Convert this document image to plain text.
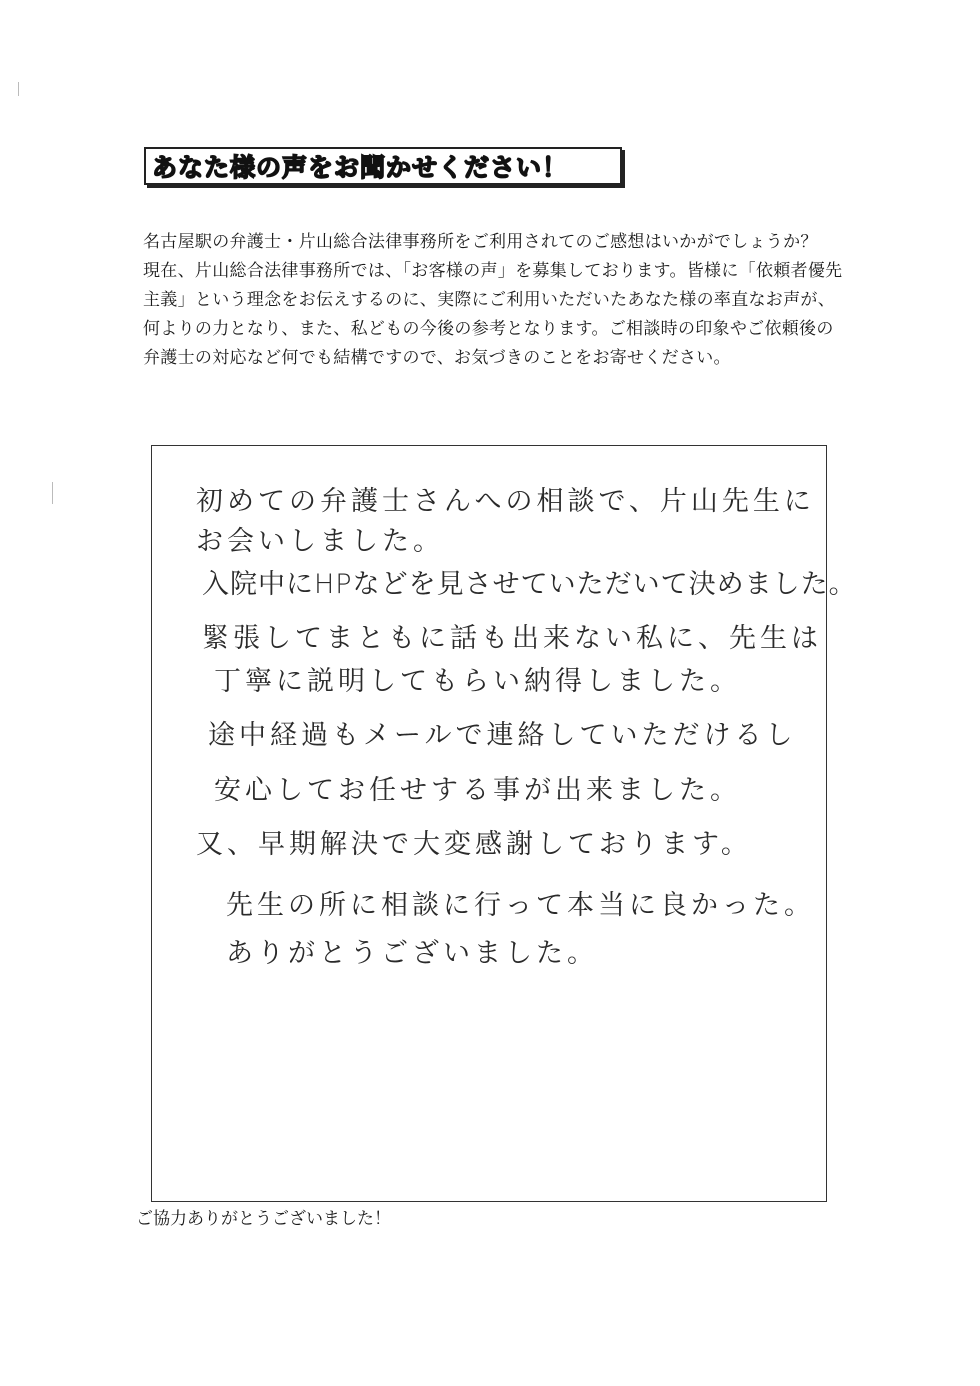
あなた様の声をお聞かせください！

名古屋駅の弁護士・片山総合法律事務所をご利用されてのご感想はいかがでしょうか？

現在、片山総合法律事務所では、「お客様の声」を募集しております。皆様に「依頼者優先主義」という理念をお伝えするのに、実際にご利用いただいたあなた様の率直なお声が、何よりの力となり、また、私どもの今後の参考となります。ご相談時の印象やご依頼後の弁護士の対応など何でも結構ですので、お気づきのことをお寄せください。

初めての弁護士さんへの相談で、片山先生に
お会いしました。
入院中にHPなどを見させていただいて決めました。
緊張してまともに話も出来ない私に、先生は
丁寧に説明してもらい納得しました。
途中経過もメールで連絡していただけるし
安心してお任せする事が出来ました。
又、早期解決で大変感謝しております。
先生の所に相談に行って本当に良かった。
ありがとうございました。
ご協力ありがとうございました！
